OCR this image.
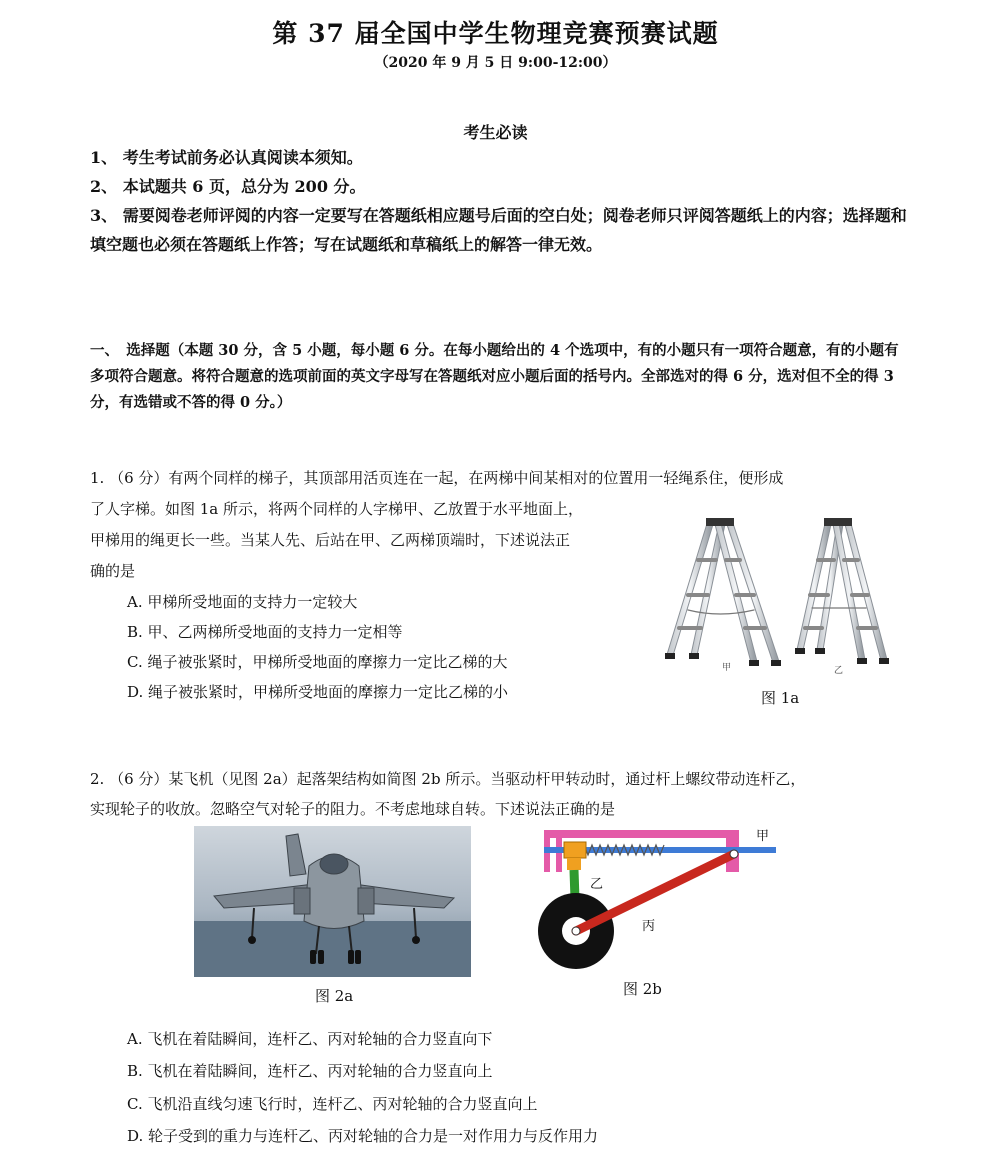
第 37 届全国中学生物理竞赛预赛试题
（2020 年 9 月 5 日 9:00-12:00）
考生必读
1、 考生考试前务必认真阅读本须知。
2、 本试题共 6 页，总分为 200 分。
3、 需要阅卷老师评阅的内容一定要写在答题纸相应题号后面的空白处；阅卷老师只评阅答题纸上的内容；选择题和填空题也必须在答题纸上作答；写在试题纸和草稿纸上的解答一律无效。
一、　选择题（本题 30 分，含 5 小题，每小题 6 分。在每小题给出的 4 个选项中，有的小题只有一项符合题意，有的小题有多项符合题意。将符合题意的选项前面的英文字母写在答题纸对应小题后面的括号内。全部选对的得 6 分，选对但不全的得 3 分，有选错或不答的得 0 分。）
1. （6 分）有两个同样的梯子，其顶部用活页连在一起，在两梯中间某相对的位置用一轻绳系住，便形成
了人字梯。如图 1a 所示，将两个同样的人字梯甲、乙放置于水平地面上，
甲梯用的绳更长一些。当某人先、后站在甲、乙两梯顶端时，下述说法正
确的是
A. 甲梯所受地面的支持力一定较大
B. 甲、乙两梯所受地面的支持力一定相等
C. 绳子被张紧时，甲梯所受地面的摩擦力一定比乙梯的大
D. 绳子被张紧时，甲梯所受地面的摩擦力一定比乙梯的小
甲	乙
图 1a
2. （6 分）某飞机（见图 2a）起落架结构如简图 2b 所示。当驱动杆甲转动时，通过杆上螺纹带动连杆乙，
实现轮子的收放。忽略空气对轮子的阻力。不考虑地球自转。下述说法正确的是
图 2a
甲
乙
丙
图 2b
A. 飞机在着陆瞬间，连杆乙、丙对轮轴的合力竖直向下
B. 飞机在着陆瞬间，连杆乙、丙对轮轴的合力竖直向上
C. 飞机沿直线匀速飞行时，连杆乙、丙对轮轴的合力竖直向上
D. 轮子受到的重力与连杆乙、丙对轮轴的合力是一对作用力与反作用力
